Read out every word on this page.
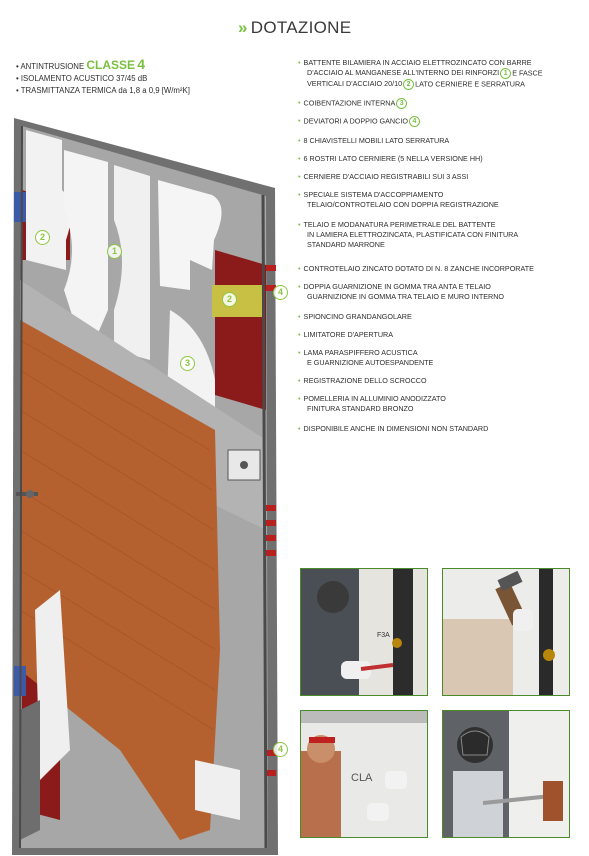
» DOTAZIONE
• ANTINTRUSIONE CLASSE 4
• ISOLAMENTO ACUSTICO 37/45 dB
• TRASMITTANZA TERMICA da 1,8 a 0,9 [W/m²K]
1
2
2
3
4
4
• BATTENTE BILAMIERA IN ACCIAIO ELETTROZINCATO CON BARRE
D'ACCIAIO AL MANGANESE ALL'INTERNO DEI RINFORZI 1 E FASCE
VERTICALI D'ACCIAIO 20/10 2 LATO CERNIERE E SERRATURA
• COIBENTAZIONE INTERNA 3
• DEVIATORI A DOPPIO GANCIO 4
• 8 CHIAVISTELLI MOBILI LATO SERRATURA
• 6 ROSTRI LATO CERNIERE (5 NELLA VERSIONE HH)
• CERNIERE D'ACCIAIO REGISTRABILI SUI 3 ASSI
• SPECIALE SISTEMA D'ACCOPPIAMENTO
TELAIO/CONTROTELAIO CON DOPPIA REGISTRAZIONE
• TELAIO E MODANATURA PERIMETRALE DEL BATTENTE
IN LAMIERA ELETTROZINCATA, PLASTIFICATA CON FINITURA
STANDARD MARRONE
• CONTROTELAIO ZINCATO DOTATO DI N. 8 ZANCHE INCORPORATE
• DOPPIA GUARNIZIONE IN GOMMA TRA ANTA E TELAIO
GUARNIZIONE IN GOMMA TRA TELAIO E MURO INTERNO
• SPIONCINO GRANDANGOLARE
• LIMITATORE D'APERTURA
• LAMA PARASPIFFERO ACUSTICA
E GUARNIZIONE AUTOESPANDENTE
• REGISTRAZIONE DELLO SCROCCO
• POMELLERIA IN ALLUMINIO ANODIZZATO
FINITURA STANDARD BRONZO
• DISPONIBILE ANCHE IN DIMENSIONI NON STANDARD
F3A
CLA
